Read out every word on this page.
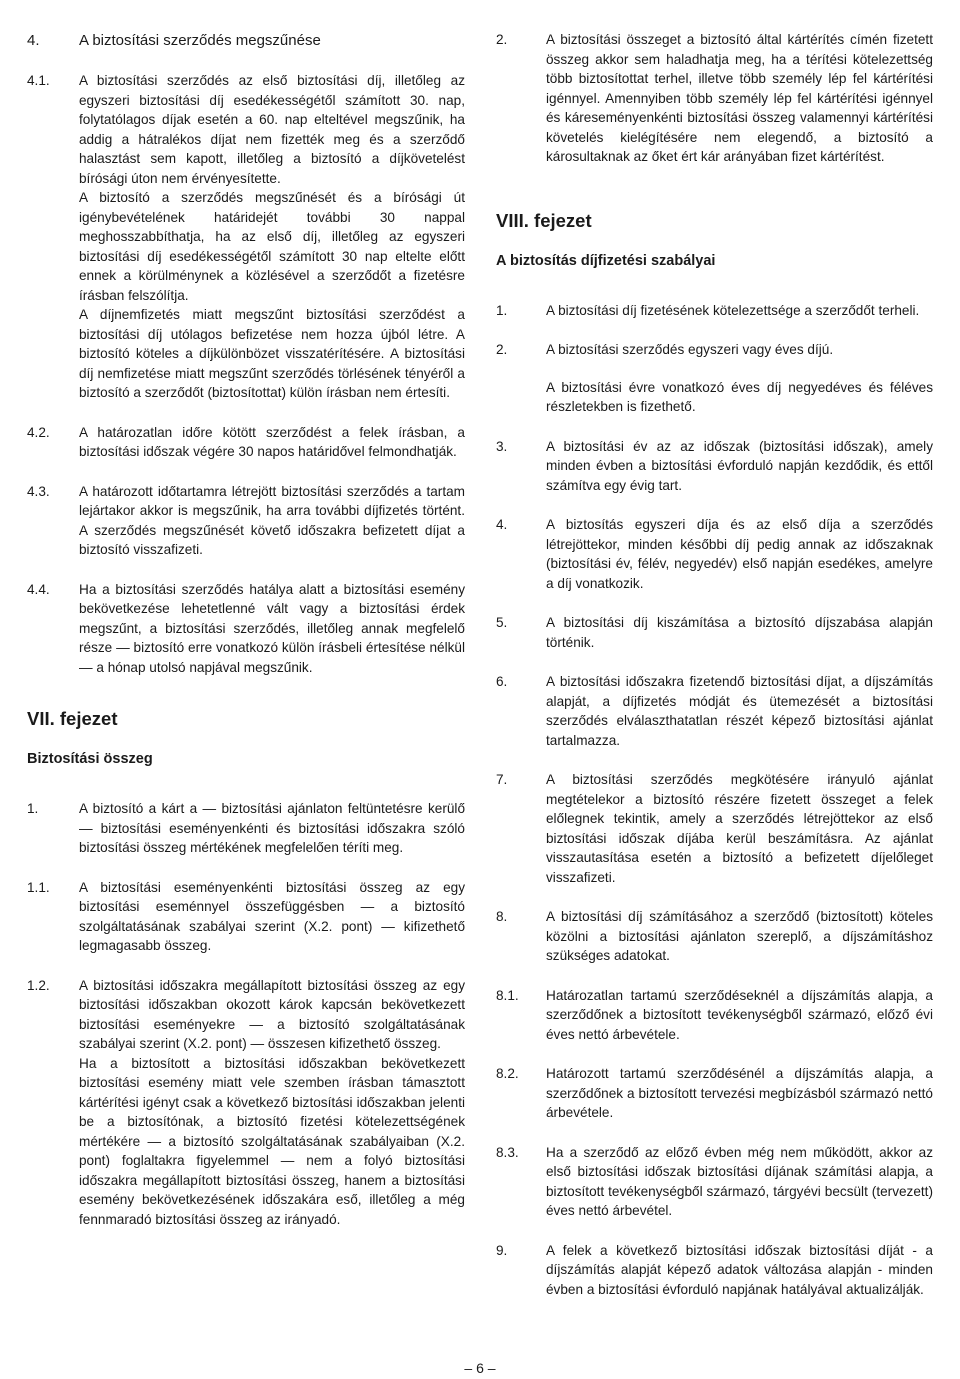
4.	A biztosítási szerződés megszűnése
4.1.	A biztosítási szerződés az első biztosítási díj, illetőleg az egyszeri biztosítási díj esedékességétől számított 30. nap, folytatólagos díjak esetén a 60. nap elteltével megszűnik, ha addig a hátralékos díjat nem fizették meg és a szerződő halasztást sem kapott, illetőleg a biztosító a díjkövetelést bírósági úton nem érvényesítette.

A biztosító a szerződés megszűnését és a bírósági út igénybevételének határidejét további 30 nappal meghosszabbíthatja, ha az első díj, illetőleg az egyszeri biztosítási díj esedékességétől számított 30 nap eltelte előtt ennek a körülménynek a közlésével a szerződőt a fizetésre írásban felszólítja.

A díjnemfizetés miatt megszűnt biztosítási szerződést a biztosítási díj utólagos befizetése nem hozza újból létre. A biztosító köteles a díjkülönbözet visszatérítésére. A biztosítási díj nemfizetése miatt megszűnt szerződés törlésének tényéről a biztosító a szerződőt (biztosítottat) külön írásban nem értesíti.

4.2.	A határozatlan időre kötött szerződést a felek írásban, a biztosítási időszak végére 30 napos határidővel felmondhatják.
4.3.	A határozott időtartamra létrejött biztosítási szerződés a tartam lejártakor akkor is megszűnik, ha arra további díjfizetés történt. A szerződés megszűnését követő időszakra befizetett díjat a biztosító visszafizeti.
4.4.	Ha a biztosítási szerződés hatálya alatt a biztosítási esemény bekövetkezése lehetetlenné vált vagy a biztosítási érdek megszűnt, a biztosítási szerződés, illetőleg annak megfelelő része — biztosító erre vonatkozó külön írásbeli értesítése nélkül — a hónap utolsó napjával megszűnik.

VII. fejezet

Biztosítási összeg

1.	A biztosító a kárt a — biztosítási ajánlaton feltüntetésre kerülő — biztosítási eseményenkénti és biztosítási időszakra szóló biztosítási összeg mértékének megfelelően téríti meg.
1.1.	A biztosítási eseményenkénti biztosítási összeg az egy biztosítási eseménnyel összefüggésben — a biztosító szolgáltatásának szabályai szerint (X.2. pont) — kifizethető legmagasabb összeg.
1.2.	A biztosítási időszakra megállapított biztosítási összeg az egy biztosítási időszakban okozott károk kapcsán bekövetkezett biztosítási eseményekre — a biztosító szolgáltatásának szabályai szerint (X.2. pont) — összesen kifizethető összeg.

Ha a biztosított a biztosítási időszakban bekövetkezett biztosítási esemény miatt vele szemben írásban támasztott kártérítési igényt csak a következő biztosítási időszakban jelenti be a biztosítónak, a biztosító fizetési kötelezettségének mértékére — a biztosító szolgáltatásának szabályaiban (X.2. pont) foglaltakra figyelemmel — nem a folyó biztosítási időszakra megállapított biztosítási összeg, hanem a biztosítási esemény bekövetkezésének időszakára eső, illetőleg a még fennmaradó biztosítási összeg az irányadó.

2.	A biztosítási összeget a biztosító által kártérítés címén fizetett összeg akkor sem haladhatja meg, ha a térítési kötelezettség több biztosítottat terhel, illetve több személy lép fel kártérítési igénnyel. Amennyiben több személy lép fel kártérítési igénnyel és káreseményenkénti biztosítási összeg valamennyi kártérítési követelés kielégítésére nem elegendő, a biztosító a károsultaknak az őket ért kár arányában fizet kártérítést.

VIII. fejezet

A biztosítás díjfizetési szabályai

1.	A biztosítási díj fizetésének kötelezettsége a szerződőt terheli.
2.	A biztosítási szerződés egyszeri vagy éves díjú.

A biztosítási évre vonatkozó éves díj negyedéves és féléves részletekben is fizethető.

3.	A biztosítási év az az időszak (biztosítási időszak), amely minden évben a biztosítási évforduló napján kezdődik, és ettől számítva egy évig tart.
4.	A biztosítás egyszeri díja és az első díja a szerződés létrejöttekor, minden későbbi díj pedig annak az időszaknak (biztosítási év, félév, negyedév) első napján esedékes, amelyre a díj vonatkozik.
5.	A biztosítási díj kiszámítása a biztosító díjszabása alapján történik.
6.	A biztosítási időszakra fizetendő biztosítási díjat, a díjszámítás alapját, a díjfizetés módját és ütemezését a biztosítási szerződés elválaszthatatlan részét képező biztosítási ajánlat tartalmazza.
7.	A biztosítási szerződés megkötésére irányuló ajánlat megtételekor a biztosító részére fizetett összeget a felek előlegnek tekintik, amely a szerződés létrejöttekor az első biztosítási időszak díjába kerül beszámításra. Az ajánlat visszautasítása esetén a biztosító a befizetett díjelőleget visszafizeti.
8.	A biztosítási díj számításához a szerződő (biztosított) köteles közölni a biztosítási ajánlaton szereplő, a díjszámításhoz szükséges adatokat.
8.1.	Határozatlan tartamú szerződéseknél a díjszámítás alapja, a szerződőnek a biztosított tevékenységből származó, előző évi éves nettó árbevétele.
8.2.	Határozott tartamú szerződésénél a díjszámítás alapja, a szerződőnek a biztosított tervezési megbízásból származó nettó árbevétele.
8.3.	Ha a szerződő az előző évben még nem működött, akkor az első biztosítási időszak biztosítási díjának számítási alapja, a biztosított tevékenységből származó, tárgyévi becsült (tervezett) éves nettó árbevétel.
9.	A felek a következő biztosítási időszak biztosítási díját - a díjszámítás alapját képező adatok változása alapján - minden évben a biztosítási évforduló napjának hatályával aktualizálják.
– 6 –
